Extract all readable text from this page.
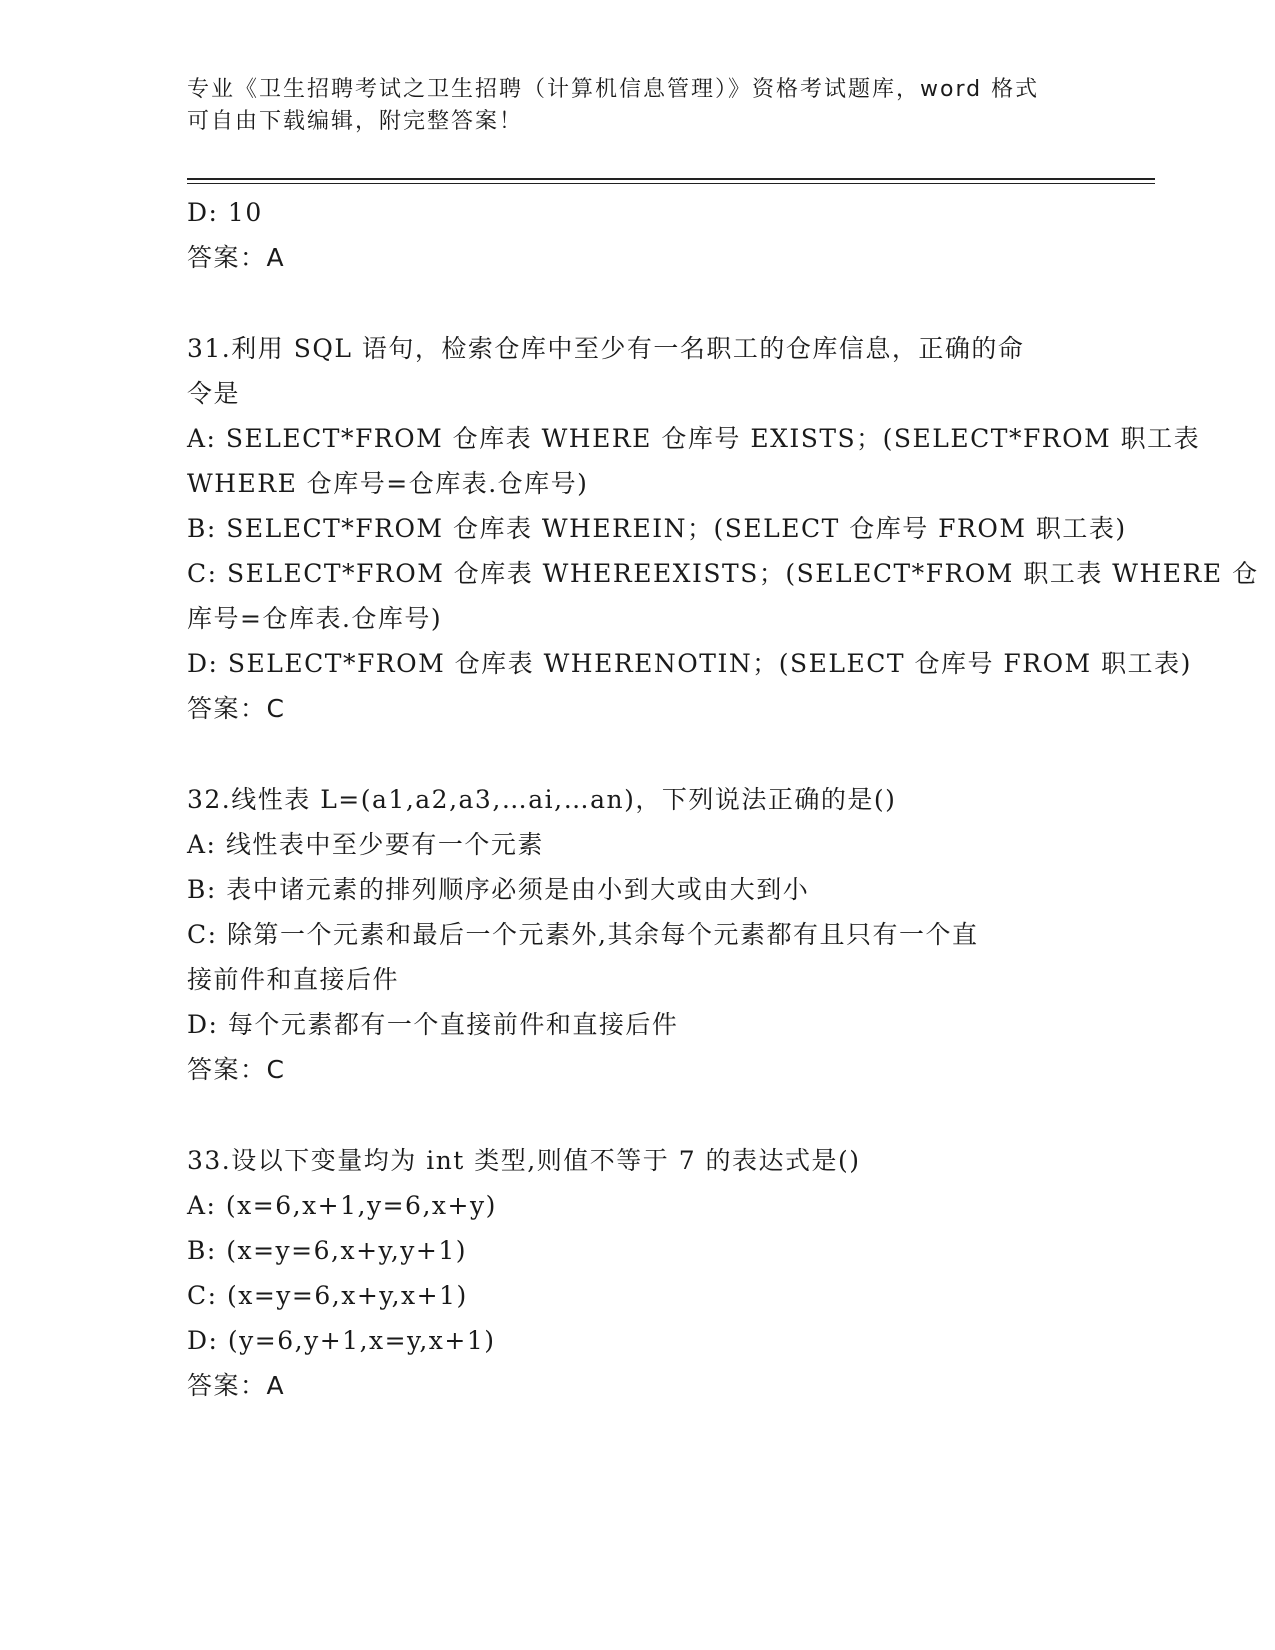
专业《卫生招聘考试之卫生招聘（计算机信息管理）》资格考试题库，word 格式
可自由下载编辑，附完整答案！
D: 10
答案：A
31.利用 SQL 语句，检索仓库中至少有一名职工的仓库信息，正确的命
令是
A: SELECT*FROM 仓库表 WHERE 仓库号 EXISTS；(SELECT*FROM 职工表
WHERE 仓库号=仓库表.仓库号)
B: SELECT*FROM 仓库表 WHEREIN；(SELECT 仓库号 FROM 职工表)
C: SELECT*FROM 仓库表 WHEREEXISTS；(SELECT*FROM 职工表 WHERE 仓
库号=仓库表.仓库号)
D: SELECT*FROM 仓库表 WHERENOTIN；(SELECT 仓库号 FROM 职工表)
答案：C
32.线性表 L=(a1,a2,a3,…ai,…an)，下列说法正确的是()
A: 线性表中至少要有一个元素
B: 表中诸元素的排列顺序必须是由小到大或由大到小
C: 除第一个元素和最后一个元素外,其余每个元素都有且只有一个直
接前件和直接后件
D: 每个元素都有一个直接前件和直接后件
答案：C
33.设以下变量均为 int 类型,则值不等于 7 的表达式是()
A: (x=6,x+1,y=6,x+y)
B: (x=y=6,x+y,y+1)
C: (x=y=6,x+y,x+1)
D: (y=6,y+1,x=y,x+1)
答案：A
